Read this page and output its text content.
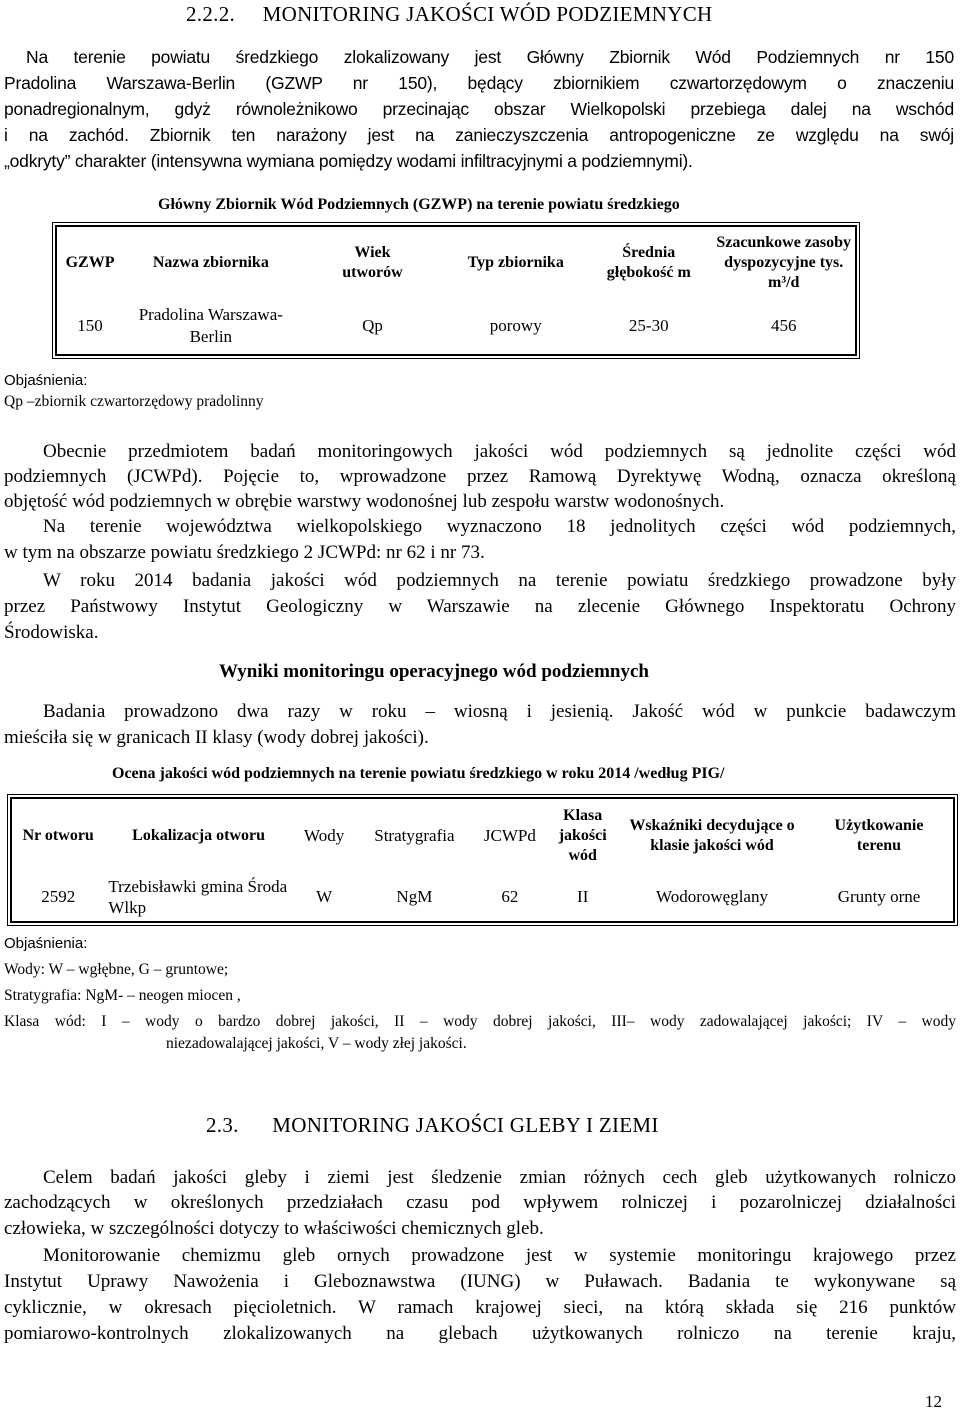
2.2.2. MONITORING JAKOŚCI WÓD PODZIEMNYCH
Na terenie powiatu średzkiego zlokalizowany jest Główny Zbiornik Wód Podziemnych nr 150
Pradolina Warszawa-Berlin (GZWP nr 150), będący zbiornikiem czwartorzędowym o znaczeniu
ponadregionalnym, gdyż równoleżnikowo przecinając obszar Wielkopolski przebiega dalej na wschód
i na zachód. Zbiornik ten narażony jest na zanieczyszczenia antropogeniczne ze względu na swój
„odkryty” charakter (intensywna wymiana pomiędzy wodami infiltracyjnymi a podziemnymi).
Główny Zbiornik Wód Podziemnych (GZWP) na terenie powiatu średzkiego
GZWP	Nazwa zbiornika	Wiek utworów	Typ zbiornika	Średnia głębokość m	Szacunkowe zasoby dyspozycyjne tys. m³/d
150	Pradolina Warszawa-Berlin	Qp	porowy	25-30	456
Objaśnienia:
Qp –zbiornik czwartorzędowy pradolinny
Obecnie przedmiotem badań monitoringowych jakości wód podziemnych są jednolite części wód
podziemnych (JCWPd). Pojęcie to, wprowadzone przez Ramową Dyrektywę Wodną, oznacza określoną
objętość wód podziemnych w obrębie warstwy wodonośnej lub zespołu warstw wodonośnych.
Na terenie województwa wielkopolskiego wyznaczono 18 jednolitych części wód podziemnych,
w tym na obszarze powiatu średzkiego 2 JCWPd: nr 62 i nr 73.
W roku 2014 badania jakości wód podziemnych na terenie powiatu średzkiego prowadzone były
przez Państwowy Instytut Geologiczny w Warszawie na zlecenie Głównego Inspektoratu Ochrony
Środowiska.
Wyniki monitoringu operacyjnego wód podziemnych
Badania prowadzono dwa razy w roku – wiosną i jesienią. Jakość wód w punkcie badawczym
mieściła się w granicach II klasy (wody dobrej jakości).
Ocena jakości wód podziemnych na terenie powiatu średzkiego w roku 2014 /według PIG/
Nr otworu	Lokalizacja otworu	Wody	Stratygrafia	JCWPd	Klasa jakości wód	Wskaźniki decydujące o klasie jakości wód	Użytkowanie terenu
2592	Trzebisławki gmina Środa Wlkp	W	NgM	62	II	Wodorowęglany	Grunty orne
Objaśnienia:
Wody: W – wgłębne, G – gruntowe;
Stratygrafia: NgM- – neogen miocen ,
Klasa wód: I – wody o bardzo dobrej jakości, II – wody dobrej jakości, III– wody zadowalającej jakości; IV – wody
niezadowalającej jakości, V – wody złej jakości.
2.3. MONITORING JAKOŚCI GLEBY I ZIEMI
Celem badań jakości gleby i ziemi jest śledzenie zmian różnych cech gleb użytkowanych rolniczo
zachodzących w określonych przedziałach czasu pod wpływem rolniczej i pozarolniczej działalności
człowieka, w szczególności dotyczy to właściwości chemicznych gleb.
Monitorowanie chemizmu gleb ornych prowadzone jest w systemie monitoringu krajowego przez
Instytut Uprawy Nawożenia i Gleboznawstwa (IUNG) w Puławach. Badania te wykonywane są
cyklicznie, w okresach pięcioletnich. W ramach krajowej sieci, na którą składa się 216 punktów
pomiarowo-kontrolnych zlokalizowanych na glebach użytkowanych rolniczo na terenie kraju,
12
